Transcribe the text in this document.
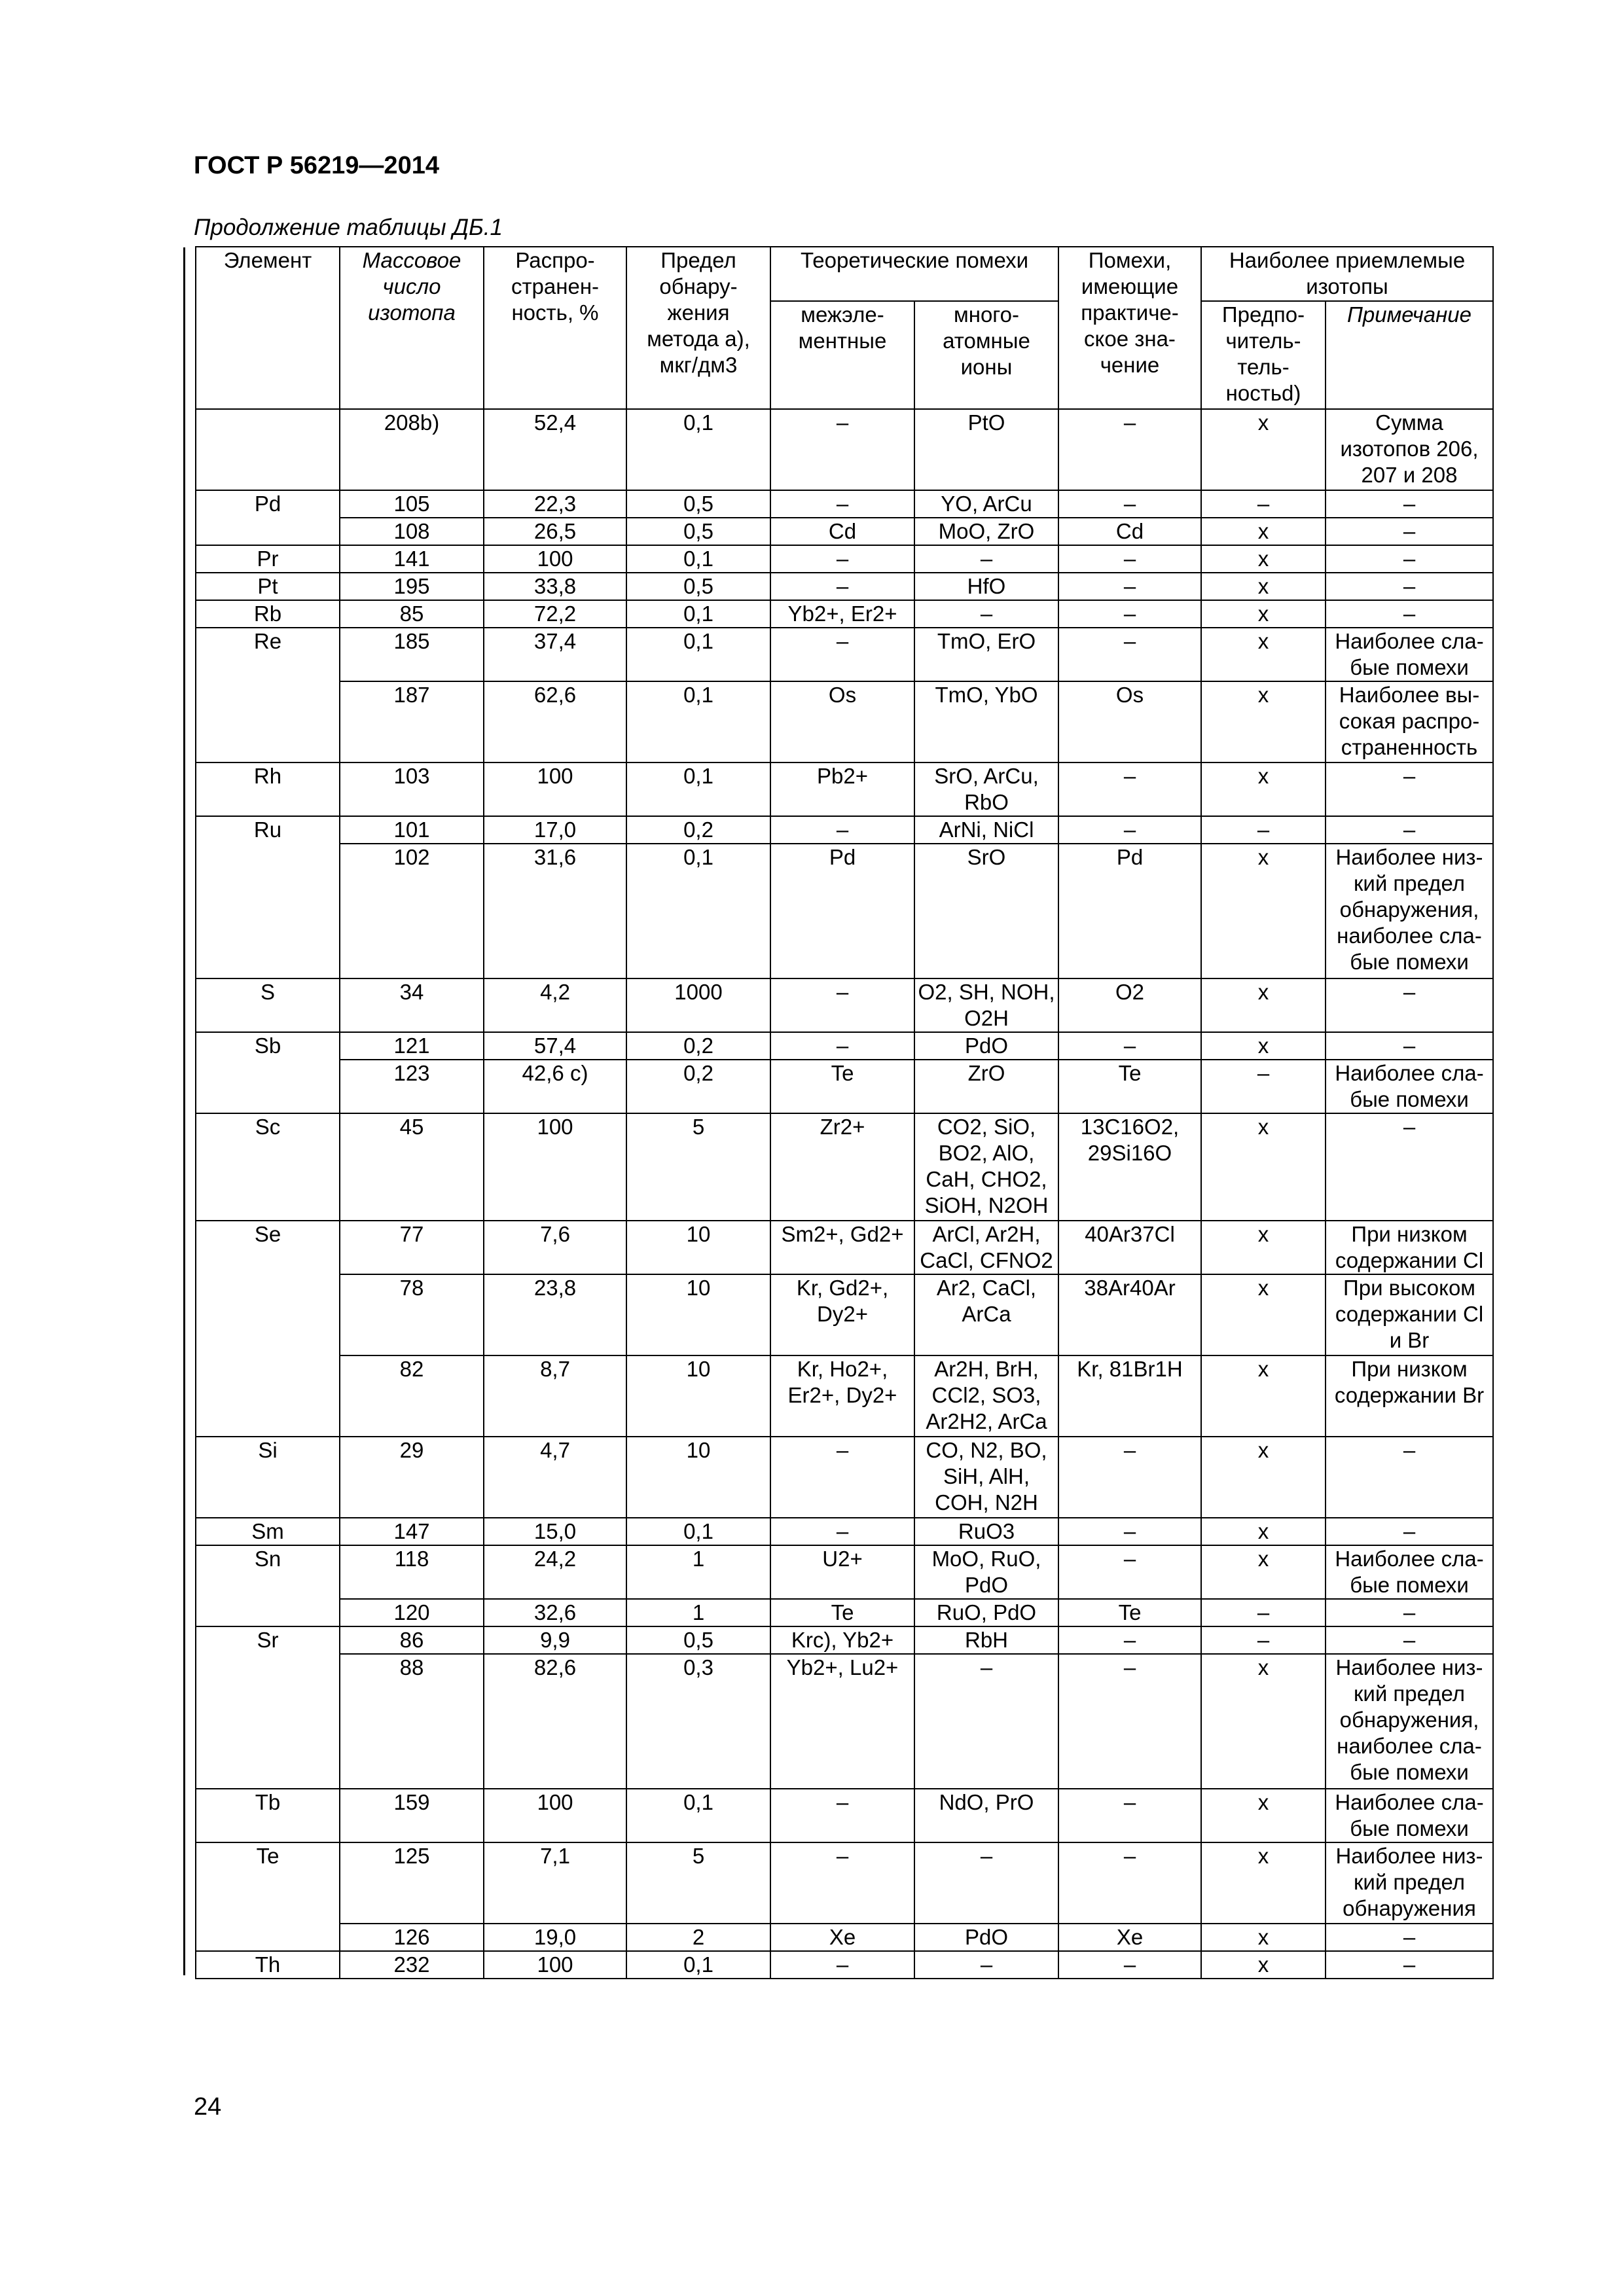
ГОСТ Р 56219—2014
Продолжение таблицы ДБ.1
Элемент	Массовое число изотопа	Распро-странен-ность, %	Предел обнару-жения метода а), мкг/дм3	Теоретические помехи		Помехи, имеющие практиче-ское зна-чение	Наиболее приемлемые изотопы	
				межэле-ментные	много-атомные ионы		Предпо-читель-тель-ностьd)	Примечание
	208b)	52,4	0,1	–	PtO	–	x	Сумма изотопов 206, 207 и 208
Pd	105	22,3	0,5	–	YO, ArCu	–	–	–
	108	26,5	0,5	Cd	MoO, ZrO	Cd	x	–
Pr	141	100	0,1	–	–	–	x	–
Pt	195	33,8	0,5	–	HfO	–	x	–
Rb	85	72,2	0,1	Yb2+, Er2+	–	–	x	–
Re	185	37,4	0,1	–	TmO, ErO	–	x	Наиболее сла-бые помехи
	187	62,6	0,1	Os	TmO, YbO	Os	x	Наиболее вы-сокая распро-страненность
Rh	103	100	0,1	Pb2+	SrO, ArCu, RbO	–	x	–
Ru	101	17,0	0,2	–	ArNi, NiCl	–	–	–
	102	31,6	0,1	Pd	SrO	Pd	x	Наиболее низ-кий предел обнаружения, наиболее сла-бые помехи
S	34	4,2	1000	–	O2, SH, NOH, O2H	O2	x	–
Sb	121	57,4	0,2	–	PdO	–	x	–
	123	42,6 c)	0,2	Te	ZrO	Te	–	Наиболее сла-бые помехи
Sc	45	100	5	Zr2+	CO2, SiO, BO2, AlO, CaH, CHO2, SiOH, N2OH	13C16O2, 29Si16O	x	–
Se	77	7,6	10	Sm2+, Gd2+	ArCl, Ar2H, CaCl, CFNO2	40Ar37Cl	x	При низком содержании Cl
	78	23,8	10	Kr, Gd2+, Dy2+	Ar2, CaCl, ArCa	38Ar40Ar	x	При высоком содержании Cl и Br
	82	8,7	10	Kr, Ho2+, Er2+, Dy2+	Ar2H, BrH, CCl2, SO3, Ar2H2, ArCa	Kr, 81Br1H	x	При низком содержании Br
Si	29	4,7	10	–	CO, N2, BO, SiH, AlH, COH, N2H	–	x	–
Sm	147	15,0	0,1	–	RuO3	–	x	–
Sn	118	24,2	1	U2+	MoO, RuO, PdO	–	x	Наиболее сла-бые помехи
	120	32,6	1	Te	RuO, PdO	Te	–	–
Sr	86	9,9	0,5	Krc), Yb2+	RbH	–	–	–
	88	82,6	0,3	Yb2+, Lu2+	–	–	x	Наиболее низ-кий предел обнаружения, наиболее сла-бые помехи
Tb	159	100	0,1	–	NdO, PrO	–	x	Наиболее сла-бые помехи
Te	125	7,1	5	–	–	–	x	Наиболее низ-кий предел обнаружения
	126	19,0	2	Xe	PdO	Xe	x	–
Th	232	100	0,1	–	–	–	x	–
24
